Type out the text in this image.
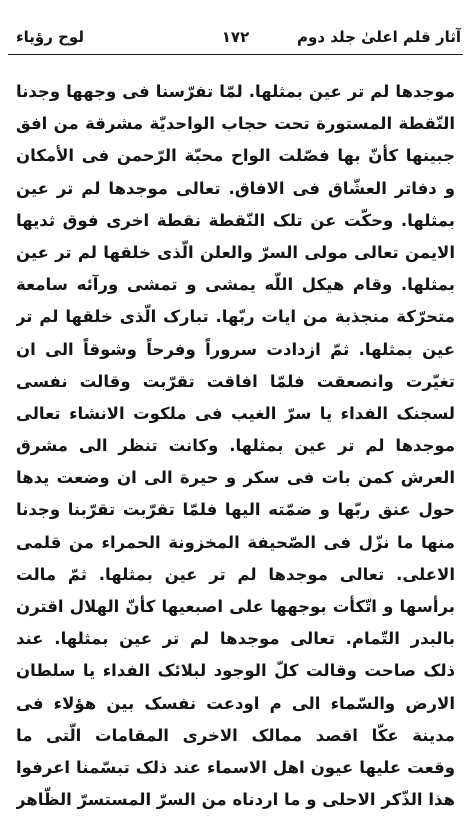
آثار قلم اعلیٰ جلد دوم
١٧٢
لوح رؤیاء
موجدها لم تر عین بمثلها. لمّا تفرّسنا فی وجهها وجدنا
النّقطة المستورة تحت حجاب الواحدیّة مشرقة من افق
جبینها کأنّ بها فصّلت الواح محبّة الرّحمن فی الأمکان
و دفاتر العشّاق فی الافاق. تعالی موجدها لم تر عین
بمثلها. وحکّت عن تلک النّقطة نقطة اخری فوق ثدیها
الایمن تعالی مولی السرّ والعلن الّذی خلقها لم تر عین
بمثلها. وقام هیکل اللّه یمشی و تمشی ورآئه سامعة
متحرّکة منجذبة من ایات ربّها. تبارک الّذی خلقها لم تر
عین بمثلها. ثمّ ازدادت سروراً وفرحاً وشوقاً الی ان
تغیّرت وانصعقت فلمّا افاقت تقرّبت وقالت نفسی
لسجنک الفداء یا سرّ الغیب فی ملکوت الانشاء تعالی
موجدها لم تر عین بمثلها. وکانت تنظر الی مشرق
العرش کمن بات فی سکر و حیرة الی ان وضعت یدها
حول عنق ربّها و ضمّته الیها فلمّا تقرّبت تقرّبنا وجدنا
منها ما نزّل فی الصّحیفة المخزونة الحمراء من قلمی
الاعلی. تعالی موجدها لم تر عین بمثلها. ثمّ مالت
برأسها و اتّکأت بوجهها علی اصبعیها کأنّ الهلال اقترن
بالبدر التّمام. تعالی موجدها لم تر عین بمثلها. عند
ذلک صاحت وقالت کلّ الوجود لبلائک الفداء یا سلطان
الارض والسّماء الی م اودعت نفسک بین هؤلاء فی
مدینة عکّا اقصد ممالک الاخری المقامات الّتی ما
وقعت علیها عیون اهل الاسماء عند ذلک تبسّمنا اعرفوا
هذا الذّکر الاحلی و ما اردناه من السرّ المستسرّ الظّاهر
